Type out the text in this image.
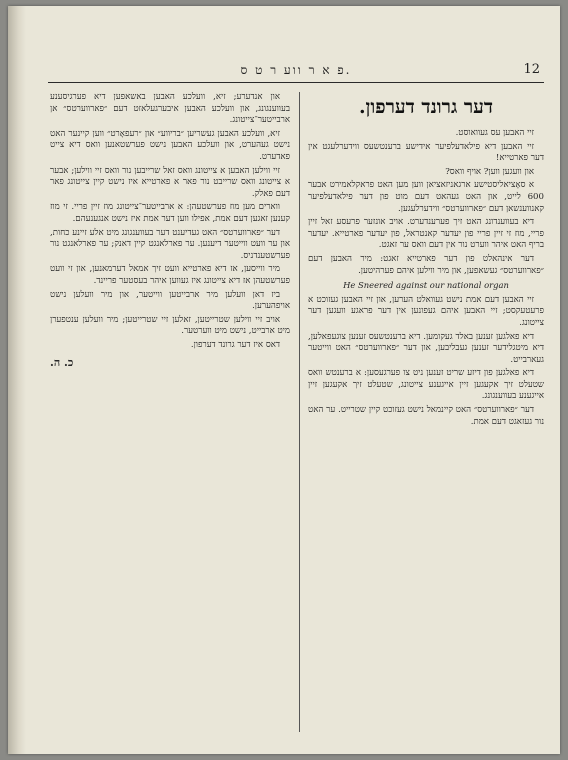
פ א ר ווע ר ט ס.	12
דער גרונד דערפון.

זיי האבען עס געוואוסט.

זיי האבען דיא פילאדעלפיער אידישע ברענטשעס ווידערלעגט אין דער פארטייא!

און וועגען ווען? אויף וואס?

א סאָציאליסטישע ארגאניזאציאן ווען מען האט פראקלאמירט אבער 600 לייט, און האט געהאט דעם מוט פון דער פילאדעלפיער קאנווענשאן דעם ״פארווערטס״ ווידערלעגען.

דיא בעווענדונג האט זיך פערענדערט. אויב אונזער פרעסע זאל זיין פריי, מוז זי זיין פריי פון יעדער קאנטראל, פון יעדער פארטייא. יעדער בריף האט איהר ווערט נור אין דעם וואס ער זאגט.

דער אינהאלט פון דער פארטייא זאגט: מיר האבען דעם ״פארווערטס״ געשאפען, און מיר ווילען איהם פערהיטען.

He Sneered against our national organ

זיי האבען דעם אמת נישט געוואלט הערען, און זיי האבען געזוכט א פרעטעקסט; זיי האבען איהם געפונען אין דער פראגע וועגען דער צייטונג.

דיא פאלגען זענען באלד געקומען. דיא ברענטשעס זענען צוגעפאלען, דיא מיטגלידער זענען געבליבען, און דער ״פארווערטס״ האט ווייטער געארבייט.

דיא פאלגען פון דיזע שריט זענען ניט צו פערגעסען: א ברענטש וואס שטעלט זיך אקעגען זיין אייגענע צייטונג, שטעלט זיך אקעגען זיין אייגענע בעווענגונג.

דער ״פארווערטס״ האט קיינמאל נישט געזוכט קיין שטרייט. ער האט נור געזאגט דעם אמת.

און אנדערע; זיא, וועלכע האבען באשאפען דיא פערגיסענע בעווענגונג, און וועלכע האבען איבערגעלאזט דעם ״פארווערטס״ אן ארבייטער־צייטונג.

זיא, וועלכע האבען געשריען ״בריווע״ און ״רעפאָרט״ ווען קיינער האט נישט געהערט, און וועלכע האבען נישט פערשטאנען וואס דיא צייט פאדערט.

זיי ווילען האבען א צייטונג וואס זאל שרייבען נור וואס זיי ווילען; אבער א צייטונג וואס שרייבט נור פאר א פארטייא איז נישט קיין צייטונג פאר דעם פאלק.

ווארים מען מוז פערשטעהן: א ארבייטער־צייטונג מוז זיין פריי. זי מוז קענען זאגען דעם אמת, אפילו ווען דער אמת איז נישט אנגענעהם.

דער ״פארווערטס״ האט געדיענט דער בעווענגונג מיט אלע זיינע כחות, און ער וועט ווייטער דיענען. ער פארלאנגט קיין דאנק; ער פארלאנגט נור פערשטענדניס.

מיר ווייסען, אז דיא פארטייא וועט זיך אמאל דערמאנען, און זי וועט פערשטעהן אז דיא צייטונג איז געווען איהר בעסטער פריינד.

ביז דאן וועלען מיר ארבייטען ווייטער, און מיר וועלען נישט אויפהערען.

אויב זיי ווילען שטרייטען, זאלען זיי שטרייטען; מיר וועלען ענטפערן מיט ארבייט, נישט מיט ווערטער.

דאס איז דער גרונד דערפון.

כ. ה.
